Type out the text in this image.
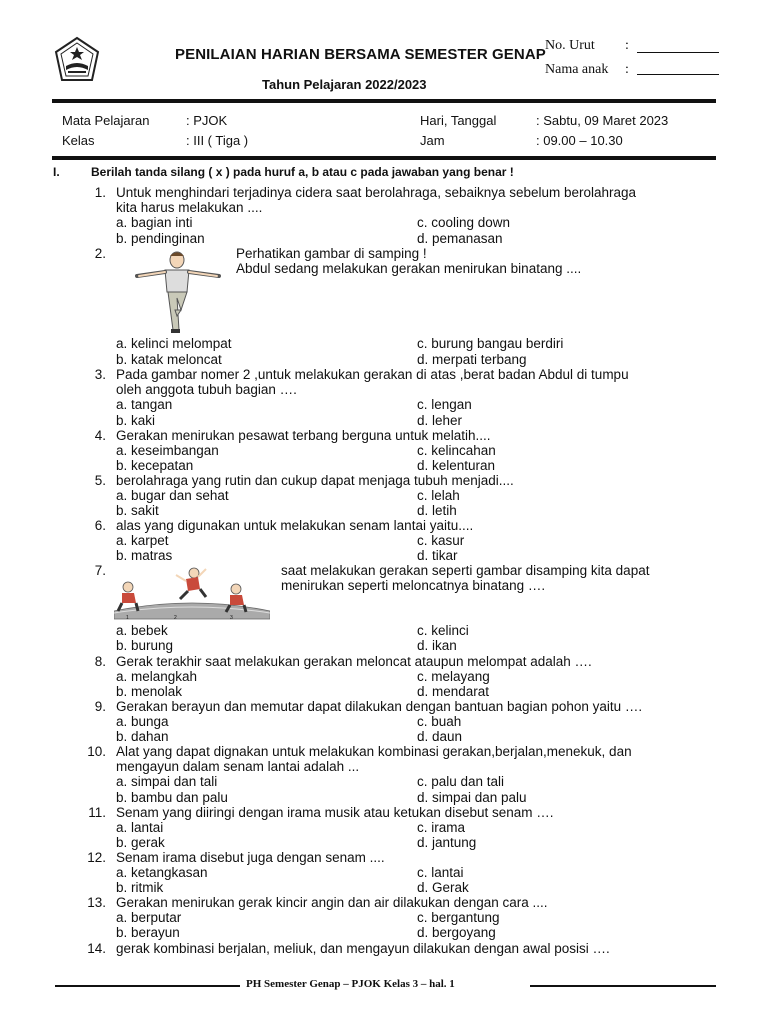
PENILAIAN HARIAN BERSAMA SEMESTER GENAP
Tahun Pelajaran 2022/2023
No. Urut :
Nama anak :
Mata Pelajaran	: PJOK	Hari, Tanggal	: Sabtu, 09 Maret 2023
Kelas	: III ( Tiga )	Jam	: 09.00 – 10.30
I.	Berilah tanda silang ( x ) pada huruf a, b atau c pada jawaban yang benar !
1. Untuk menghindari terjadinya cidera saat berolahraga, sebaiknya sebelum berolahraga
kita harus melakukan ....
a. bagian inti
b. pendinginan
c. cooling down
d. pemanasan
2.	Perhatikan gambar di samping !
Abdul sedang melakukan gerakan menirukan binatang ....
a. kelinci melompat
b. katak meloncat
c. burung bangau berdiri
d. merpati terbang
3. Pada gambar nomer 2 ,untuk melakukan gerakan di atas ,berat badan Abdul di tumpu
oleh anggota tubuh bagian ….
a. tangan
b. kaki
c. lengan
d. leher
4. Gerakan menirukan pesawat terbang berguna untuk melatih....
a. keseimbangan
b. kecepatan
c. kelincahan
d. kelenturan
5. berolahraga yang rutin dan cukup dapat menjaga tubuh menjadi....
a. bugar dan sehat
b. sakit
c. lelah
d. letih
6. alas yang digunakan untuk melakukan senam lantai yaitu....
a. karpet
b. matras
c. kasur
d. tikar
7.	saat melakukan gerakan seperti gambar disamping kita dapat
menirukan seperti meloncatnya binatang ….
1	2	3
a. bebek
b. burung
c. kelinci
d. ikan
8. Gerak terakhir saat melakukan gerakan meloncat ataupun melompat adalah ….
a. melangkah
b. menolak
c. melayang
d. mendarat
9. Gerakan berayun dan memutar dapat dilakukan dengan bantuan bagian pohon yaitu ….
a. bunga
b. dahan
c. buah
d. daun
10. Alat yang dapat dignakan untuk melakukan kombinasi gerakan,berjalan,menekuk, dan
mengayun dalam senam lantai adalah ...
a. simpai dan tali
b. bambu dan palu
c. palu dan tali
d. simpai dan palu
11. Senam yang diiringi dengan irama musik atau ketukan disebut senam ….
a. lantai
b. gerak
c. irama
d. jantung
12. Senam irama disebut juga dengan senam ....
a. ketangkasan
b. ritmik
c. lantai
d. Gerak
13. Gerakan menirukan gerak kincir angin dan air dilakukan dengan cara ....
a. berputar
b. berayun
c. bergantung
d. bergoyang
14. gerak kombinasi berjalan, meliuk, dan mengayun dilakukan dengan awal posisi ….
PH Semester Genap – PJOK Kelas 3 – hal. 1
